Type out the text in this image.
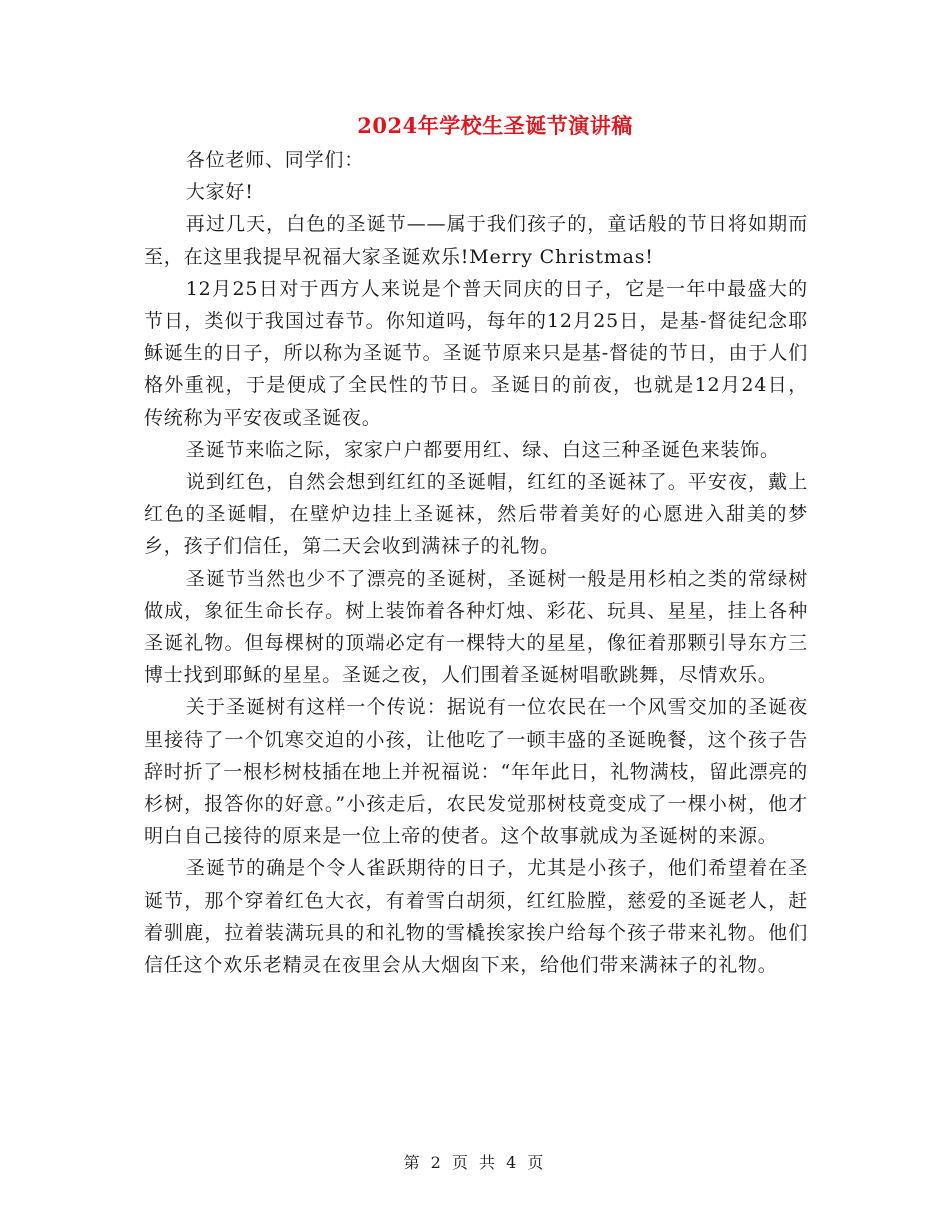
2024年学校生圣诞节演讲稿

各位老师、同学们：

大家好!

再过几天，白色的圣诞节——属于我们孩子的，童话般的节日将如期而至，在这里我提早祝福大家圣诞欢乐!Merry Christmas!

12月25日对于西方人来说是个普天同庆的日子，它是一年中最盛大的节日，类似于我国过春节。你知道吗，每年的12月25日，是基-督徒纪念耶稣诞生的日子，所以称为圣诞节。圣诞节原来只是基-督徒的节日，由于人们格外重视，于是便成了全民性的节日。圣诞日的前夜，也就是12月24日，传统称为平安夜或圣诞夜。

圣诞节来临之际，家家户户都要用红、绿、白这三种圣诞色来装饰。

说到红色，自然会想到红红的圣诞帽，红红的圣诞袜了。平安夜，戴上红色的圣诞帽，在壁炉边挂上圣诞袜，然后带着美好的心愿进入甜美的梦乡，孩子们信任，第二天会收到满袜子的礼物。

圣诞节当然也少不了漂亮的圣诞树，圣诞树一般是用杉柏之类的常绿树做成，象征生命长存。树上装饰着各种灯烛、彩花、玩具、星星，挂上各种圣诞礼物。但每棵树的顶端必定有一棵特大的星星，像征着那颗引导东方三博士找到耶稣的星星。圣诞之夜，人们围着圣诞树唱歌跳舞，尽情欢乐。

关于圣诞树有这样一个传说：据说有一位农民在一个风雪交加的圣诞夜里接待了一个饥寒交迫的小孩，让他吃了一顿丰盛的圣诞晚餐，这个孩子告辞时折了一根杉树枝插在地上并祝福说：“年年此日，礼物满枝，留此漂亮的杉树，报答你的好意。”小孩走后，农民发觉那树枝竟变成了一棵小树，他才明白自己接待的原来是一位上帝的使者。这个故事就成为圣诞树的来源。

圣诞节的确是个令人雀跃期待的日子，尤其是小孩子，他们希望着在圣诞节，那个穿着红色大衣，有着雪白胡须，红红脸膛，慈爱的圣诞老人，赶着驯鹿，拉着装满玩具的和礼物的雪橇挨家挨户给每个孩子带来礼物。他们信任这个欢乐老精灵在夜里会从大烟囱下来，给他们带来满袜子的礼物。

第 2 页 共 4 页
